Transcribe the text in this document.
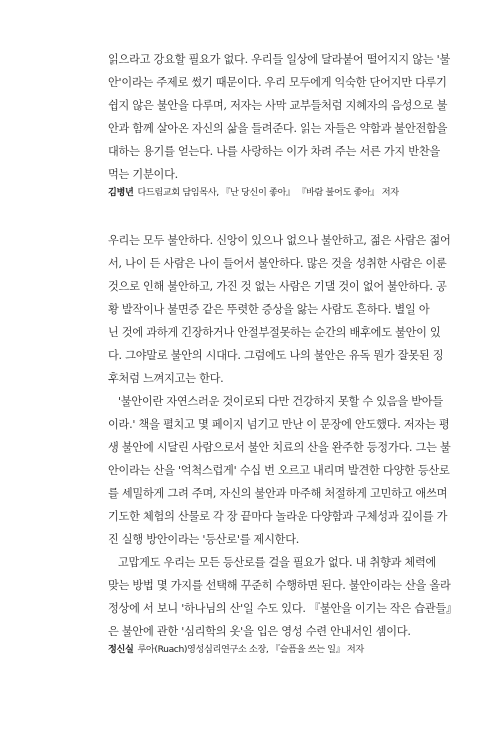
읽으라고 강요할 필요가 없다. 우리들 일상에 달라붙어 떨어지지 않는 '불
안'이라는 주제로 썼기 때문이다. 우리 모두에게 익숙한 단어지만 다루기
쉽지 않은 불안을 다루며, 저자는 사막 교부들처럼 지혜자의 음성으로 불
안과 함께 살아온 자신의 삶을 들려준다. 읽는 자들은 약함과 불안전함을
대하는 용기를 얻는다. 나를 사랑하는 이가 차려 주는 서른 가지 반찬을
먹는 기분이다.
김병년 다드림교회 담임목사, 『난 당신이 좋아』 『바람 불어도 좋아』 저자
우리는 모두 불안하다. 신앙이 있으나 없으나 불안하고, 젊은 사람은 젊어
서, 나이 든 사람은 나이 들어서 불안하다. 많은 것을 성취한 사람은 이룬
것으로 인해 불안하고, 가진 것 없는 사람은 기댈 것이 없어 불안하다. 공
황 발작이나 불면증 같은 뚜렷한 증상을 앓는 사람도 흔하다. 별일 아
닌 것에 과하게 긴장하거나 안절부절못하는 순간의 배후에도 불안이 있
다. 그야말로 불안의 시대다. 그럼에도 나의 불안은 유독 뭔가 잘못된 징
후처럼 느껴지고는 한다.
'불안이란 자연스러운 것이로되 다만 건강하지 못할 수 있음을 받아들
이라.' 책을 펼치고 몇 페이지 넘기고 만난 이 문장에 안도했다. 저자는 평
생 불안에 시달린 사람으로서 불안 치료의 산을 완주한 등정가다. 그는 불
안이라는 산을 '억척스럽게' 수십 번 오르고 내리며 발견한 다양한 등산로
를 세밀하게 그려 주며, 자신의 불안과 마주해 처절하게 고민하고 애쓰며
기도한 체험의 산물로 각 장 끝마다 놀라운 다양함과 구체성과 깊이를 가
진 실행 방안이라는 '등산로'를 제시한다.
고맙게도 우리는 모든 등산로를 걸을 필요가 없다. 내 취향과 체력에
맞는 방법 몇 가지를 선택해 꾸준히 수행하면 된다. 불안이라는 산을 올라
정상에 서 보니 '하나님의 산'일 수도 있다. 『불안을 이기는 작은 습관들』
은 불안에 관한 '심리학의 옷'을 입은 영성 수련 안내서인 셈이다.
정신실 루아(Ruach)영성심리연구소 소장, 『슬픔을 쓰는 일』 저자
